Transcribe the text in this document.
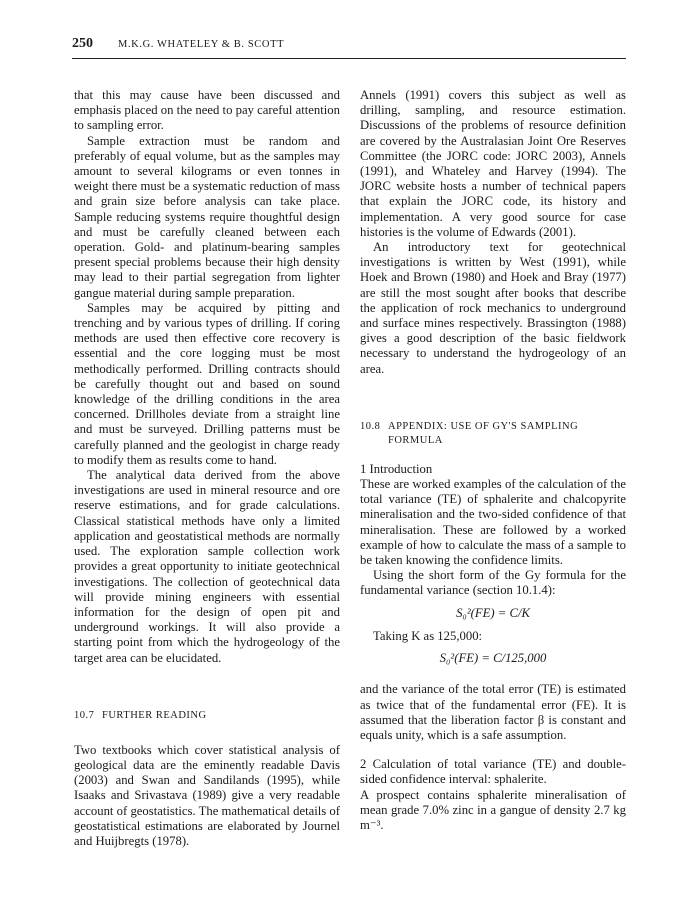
250 M.K.G. WHATELEY & B. SCOTT

that this may cause have been discussed and emphasis placed on the need to pay careful attention to sampling error.

Sample extraction must be random and preferably of equal volume, but as the samples may amount to several kilograms or even tonnes in weight there must be a systematic reduction of mass and grain size before analysis can take place. Sample reducing systems require thoughtful design and must be carefully cleaned between each operation. Gold- and platinum-bearing samples present special problems because their high density may lead to their partial segregation from lighter gangue material during sample preparation.

Samples may be acquired by pitting and trenching and by various types of drilling. If coring methods are used then effective core recovery is essential and the core logging must be most methodically performed. Drilling contracts should be carefully thought out and based on sound knowledge of the drilling conditions in the area concerned. Drillholes deviate from a straight line and must be surveyed. Drilling patterns must be carefully planned and the geologist in charge ready to modify them as results come to hand.

The analytical data derived from the above investigations are used in mineral resource and ore reserve estimations, and for grade calculations. Classical statistical methods have only a limited application and geostatistical methods are normally used. The exploration sample collection work provides a great opportunity to initiate geotechnical investigations. The collection of geotechnical data will provide mining engineers with essential information for the design of open pit and underground workings. It will also provide a starting point from which the hydrogeology of the target area can be elucidated.

10.7 FURTHER READING

Two textbooks which cover statistical analysis of geological data are the eminently readable Davis (2003) and Swan and Sandilands (1995), while Isaaks and Srivastava (1989) give a very readable account of geostatistics. The mathematical details of geostatistical estimations are elaborated by Journel and Huijbregts (1978).

Annels (1991) covers this subject as well as drilling, sampling, and resource estimation. Discussions of the problems of resource definition are covered by the Australasian Joint Ore Reserves Committee (the JORC code: JORC 2003), Annels (1991), and Whateley and Harvey (1994). The JORC website hosts a number of technical papers that explain the JORC code, its history and implementation. A very good source for case histories is the volume of Edwards (2001).

An introductory text for geotechnical investigations is written by West (1991), while Hoek and Brown (1980) and Hoek and Bray (1977) are still the most sought after books that describe the application of rock mechanics to underground and surface mines respectively. Brassington (1988) gives a good description of the basic fieldwork necessary to understand the hydrogeology of an area.

10.8 APPENDIX: USE OF GY'S SAMPLING FORMULA

1 Introduction

These are worked examples of the calculation of the total variance (TE) of sphalerite and chalcopyrite mineralisation and the two-sided confidence of that mineralisation. These are followed by a worked example of how to calculate the mass of a sample to be taken knowing the confidence limits.

Using the short form of the Gy formula for the fundamental variance (section 10.1.4):

S₀²(FE) = C/K

Taking K as 125,000:

S₀²(FE) = C/125,000

and the variance of the total error (TE) is estimated as twice that of the fundamental error (FE). It is assumed that the liberation factor β is constant and equals unity, which is a safe assumption.

2 Calculation of total variance (TE) and double-sided confidence interval: sphalerite.

A prospect contains sphalerite mineralisation of mean grade 7.0% zinc in a gangue of density 2.7 kg m⁻³.
